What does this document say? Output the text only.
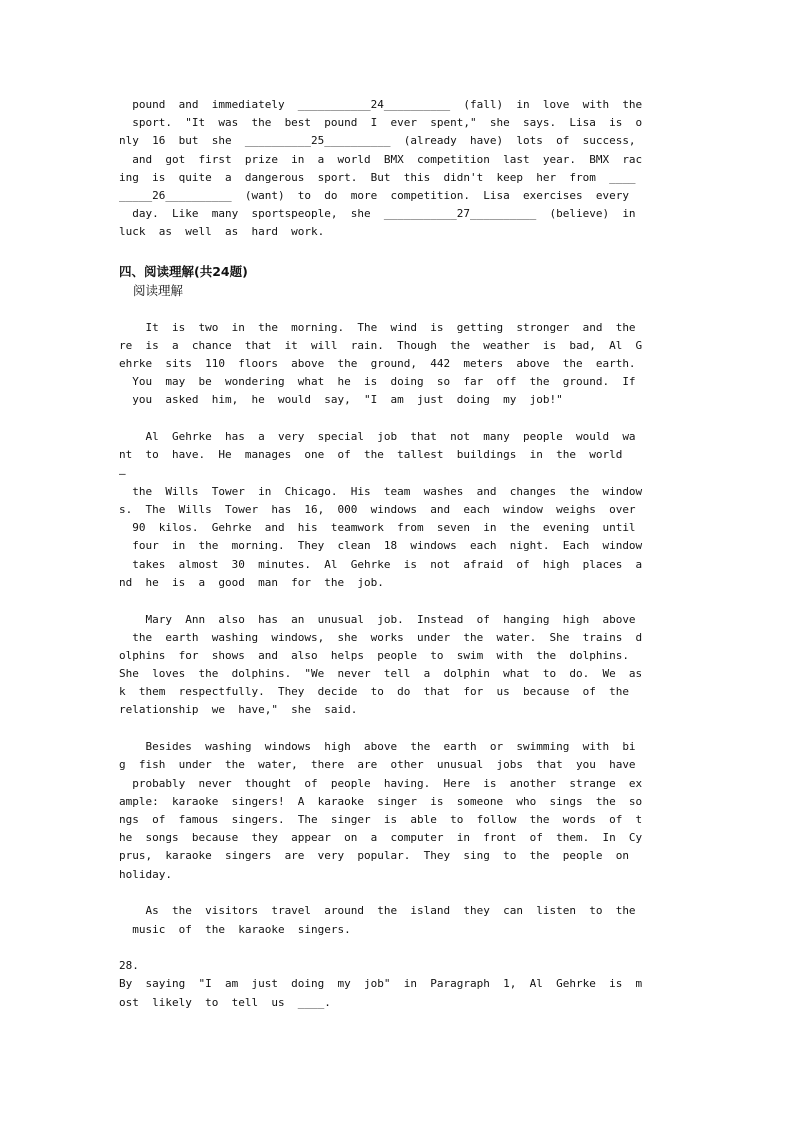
pound  and  immediately  ___________24__________  (fall)  in  love  with  the
sport.  "It  was  the  best  pound  I  ever  spent,"  she  says.  Lisa  is  o
nly  16  but  she  __________25__________  (already  have)  lots  of  success,
and  got  first  prize  in  a  world  BMX  competition  last  year.  BMX  rac
ing  is  quite  a  dangerous  sport.  But  this  didn't  keep  her  from  ____
_____26__________  (want)  to  do  more  competition.  Lisa  exercises  every
day.  Like  many  sportspeople,  she  ___________27__________  (believe)  in
luck  as  well  as  hard  work.
四、阅读理解(共24题)
阅读理解
It  is  two  in  the  morning.  The  wind  is  getting  stronger  and  the
re  is  a  chance  that  it  will  rain.  Though  the  weather  is  bad,  Al  G
ehrke  sits  110  floors  above  the  ground,  442  meters  above  the  earth.
You  may  be  wondering  what  he  is  doing  so  far  off  the  ground.  If
you  asked  him,  he  would  say,  "I  am  just  doing  my  job!"
Al  Gehrke  has  a  very  special  job  that  not  many  people  would  wa
nt  to  have.  He  manages  one  of  the  tallest  buildings  in  the  world
—
the  Wills  Tower  in  Chicago.  His  team  washes  and  changes  the  window
s.  The  Wills  Tower  has  16,  000  windows  and  each  window  weighs  over
90  kilos.  Gehrke  and  his  teamwork  from  seven  in  the  evening  until
four  in  the  morning.  They  clean  18  windows  each  night.  Each  window
takes  almost  30  minutes.  Al  Gehrke  is  not  afraid  of  high  places  a
nd  he  is  a  good  man  for  the  job.
Mary  Ann  also  has  an  unusual  job.  Instead  of  hanging  high  above
the  earth  washing  windows,  she  works  under  the  water.  She  trains  d
olphins  for  shows  and  also  helps  people  to  swim  with  the  dolphins.
She  loves  the  dolphins.  "We  never  tell  a  dolphin  what  to  do.  We  as
k  them  respectfully.  They  decide  to  do  that  for  us  because  of  the
relationship  we  have,"  she  said.
Besides  washing  windows  high  above  the  earth  or  swimming  with  bi
g  fish  under  the  water,  there  are  other  unusual  jobs  that  you  have
probably  never  thought  of  people  having.  Here  is  another  strange  ex
ample:  karaoke  singers!  A  karaoke  singer  is  someone  who  sings  the  so
ngs  of  famous  singers.  The  singer  is  able  to  follow  the  words  of  t
he  songs  because  they  appear  on  a  computer  in  front  of  them.  In  Cy
prus,  karaoke  singers  are  very  popular.  They  sing  to  the  people  on
holiday.
As  the  visitors  travel  around  the  island  they  can  listen  to  the
music  of  the  karaoke  singers.
28.
By  saying  "I  am  just  doing  my  job"  in  Paragraph  1,  Al  Gehrke  is  m
ost  likely  to  tell  us  ____.
